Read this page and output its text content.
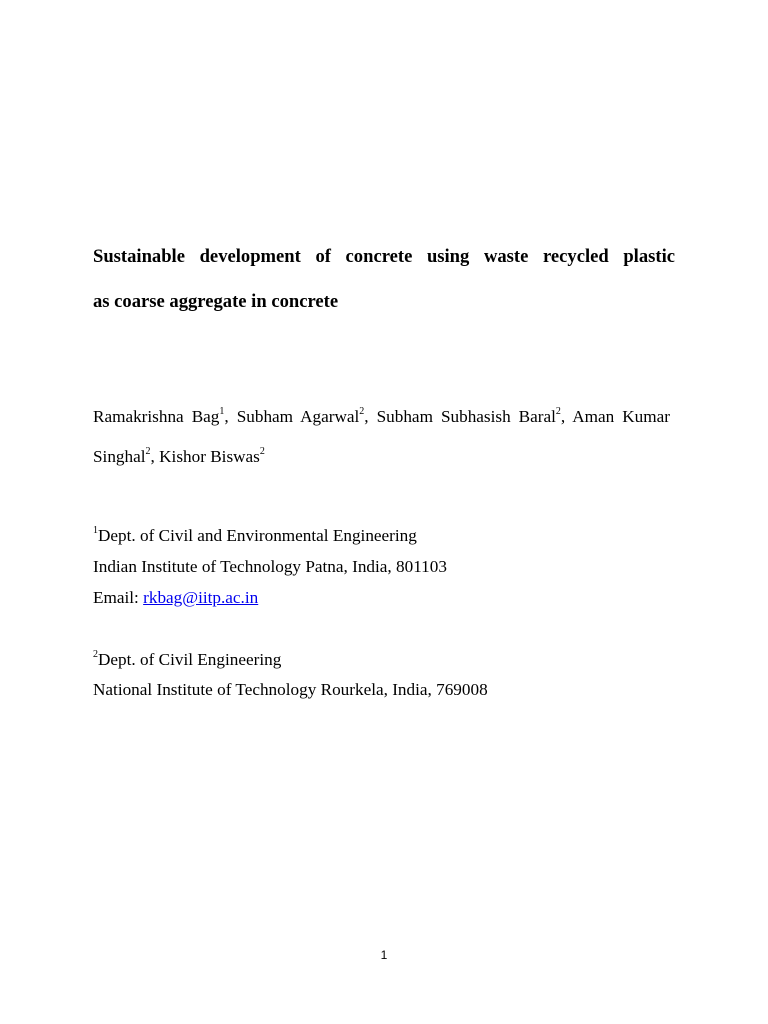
Sustainable development of concrete using waste recycled plastic
as coarse aggregate in concrete
Ramakrishna Bag$^1$, Subham Agarwal$^2$, Subham Subhasish Baral$^2$, Aman Kumar
Singhal$^2$, Kishor Biswas$^2$
$^1$Dept. of Civil and Environmental Engineering
Indian Institute of Technology Patna, India, 801103
Email: rkbag@iitp.ac.in
$^2$Dept. of Civil Engineering
National Institute of Technology Rourkela, India, 769008
1
